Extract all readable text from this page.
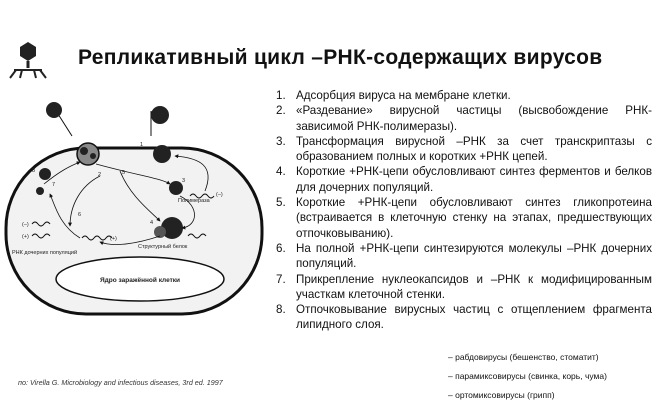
Репликативный цикл –РНК-содержащих вирусов
Ядро заражённой клетки
Полимераза
Структурный белок
РНК дочерних популяций
(–)
(+)
(–)
(+)
1
2
3
4
5
6
7
8
1. Адсорбция вируса на мембране клетки.
2. «Раздевание» вирусной частицы (высвобождение РНК-зависимой РНК-полимеразы).
3. Трансформация вирусной –РНК за счет транскриптазы с образованием полных и коротких +РНК цепей.
4. Короткие +РНК-цепи обусловливают синтез ферментов и белков для дочерних популяций.
5. Короткие +РНК-цепи обусловливают синтез гликопротеина (встраивается в клеточную стенку на этапах, предшествующих отпочковыванию).
6. На полной +РНК-цепи синтезируются молекулы –РНК дочерних популяций.
7. Прикрепление нуклеокапсидов и –РНК к модифицированным участкам клеточной стенки.
8. Отпочковывание вирусных частиц с отщеплением фрагмента липидного слоя.
– рабдовирусы (бешенство, стоматит)
– парамиксовирусы (свинка, корь, чума)
– ортомиксовирусы (грипп)
по: Virella G. Microbiology and infectious diseases, 3rd ed. 1997
